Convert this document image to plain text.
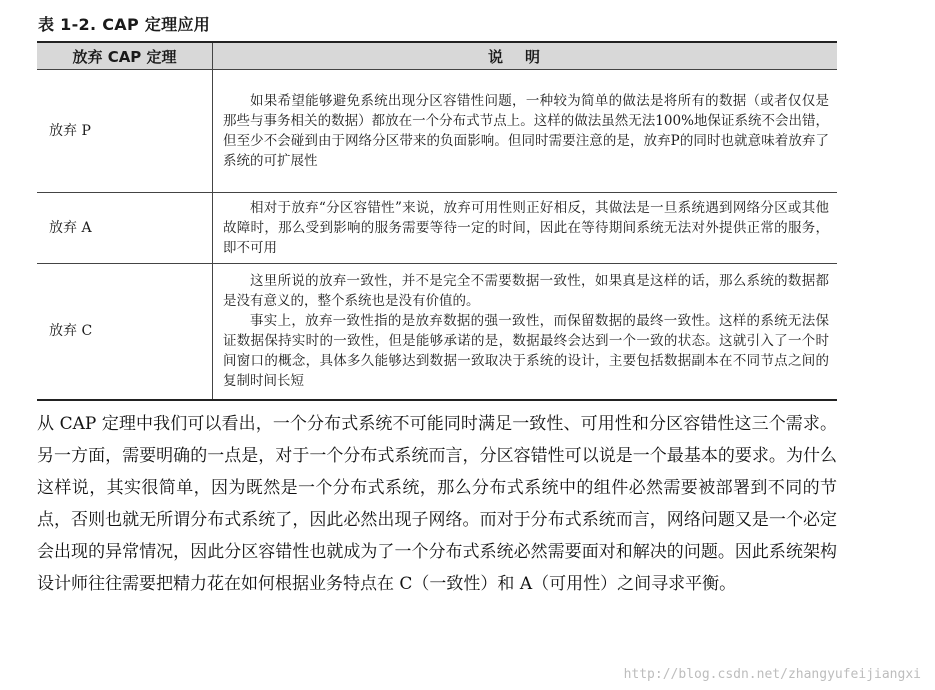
表 1-2. CAP 定理应用
放弃 CAP 定理	说明
放弃 P	如果希望能够避免系统出现分区容错性问题，一种较为简单的做法是将所有的数据（或者仅仅是那些与事务相关的数据）都放在一个分布式节点上。这样的做法虽然无法100%地保证系统不会出错，但至少不会碰到由于网络分区带来的负面影响。但同时需要注意的是，放弃P的同时也就意味着放弃了系统的可扩展性

放弃 A	相对于放弃“分区容错性”来说，放弃可用性则正好相反，其做法是一旦系统遇到网络分区或其他故障时，那么受到影响的服务需要等待一定的时间，因此在等待期间系统无法对外提供正常的服务，即不可用

放弃 C	这里所说的放弃一致性，并不是完全不需要数据一致性，如果真是这样的话，那么系统的数据都是没有意义的，整个系统也是没有价值的。

事实上，放弃一致性指的是放弃数据的强一致性，而保留数据的最终一致性。这样的系统无法保证数据保持实时的一致性，但是能够承诺的是，数据最终会达到一个一致的状态。这就引入了一个时间窗口的概念，具体多久能够达到数据一致取决于系统的设计，主要包括数据副本在不同节点之间的复制时间长短

从 CAP 定理中我们可以看出，一个分布式系统不可能同时满足一致性、可用性和分区容错性这三个需求。另一方面，需要明确的一点是，对于一个分布式系统而言，分区容错性可以说是一个最基本的要求。为什么这样说，其实很简单，因为既然是一个分布式系统，那么分布式系统中的组件必然需要被部署到不同的节点，否则也就无所谓分布式系统了，因此必然出现子网络。而对于分布式系统而言，网络问题又是一个必定会出现的异常情况，因此分区容错性也就成为了一个分布式系统必然需要面对和解决的问题。因此系统架构设计师往往需要把精力花在如何根据业务特点在 C（一致性）和 A（可用性）之间寻求平衡。

http://blog.csdn.net/zhangyufeijiangxi
